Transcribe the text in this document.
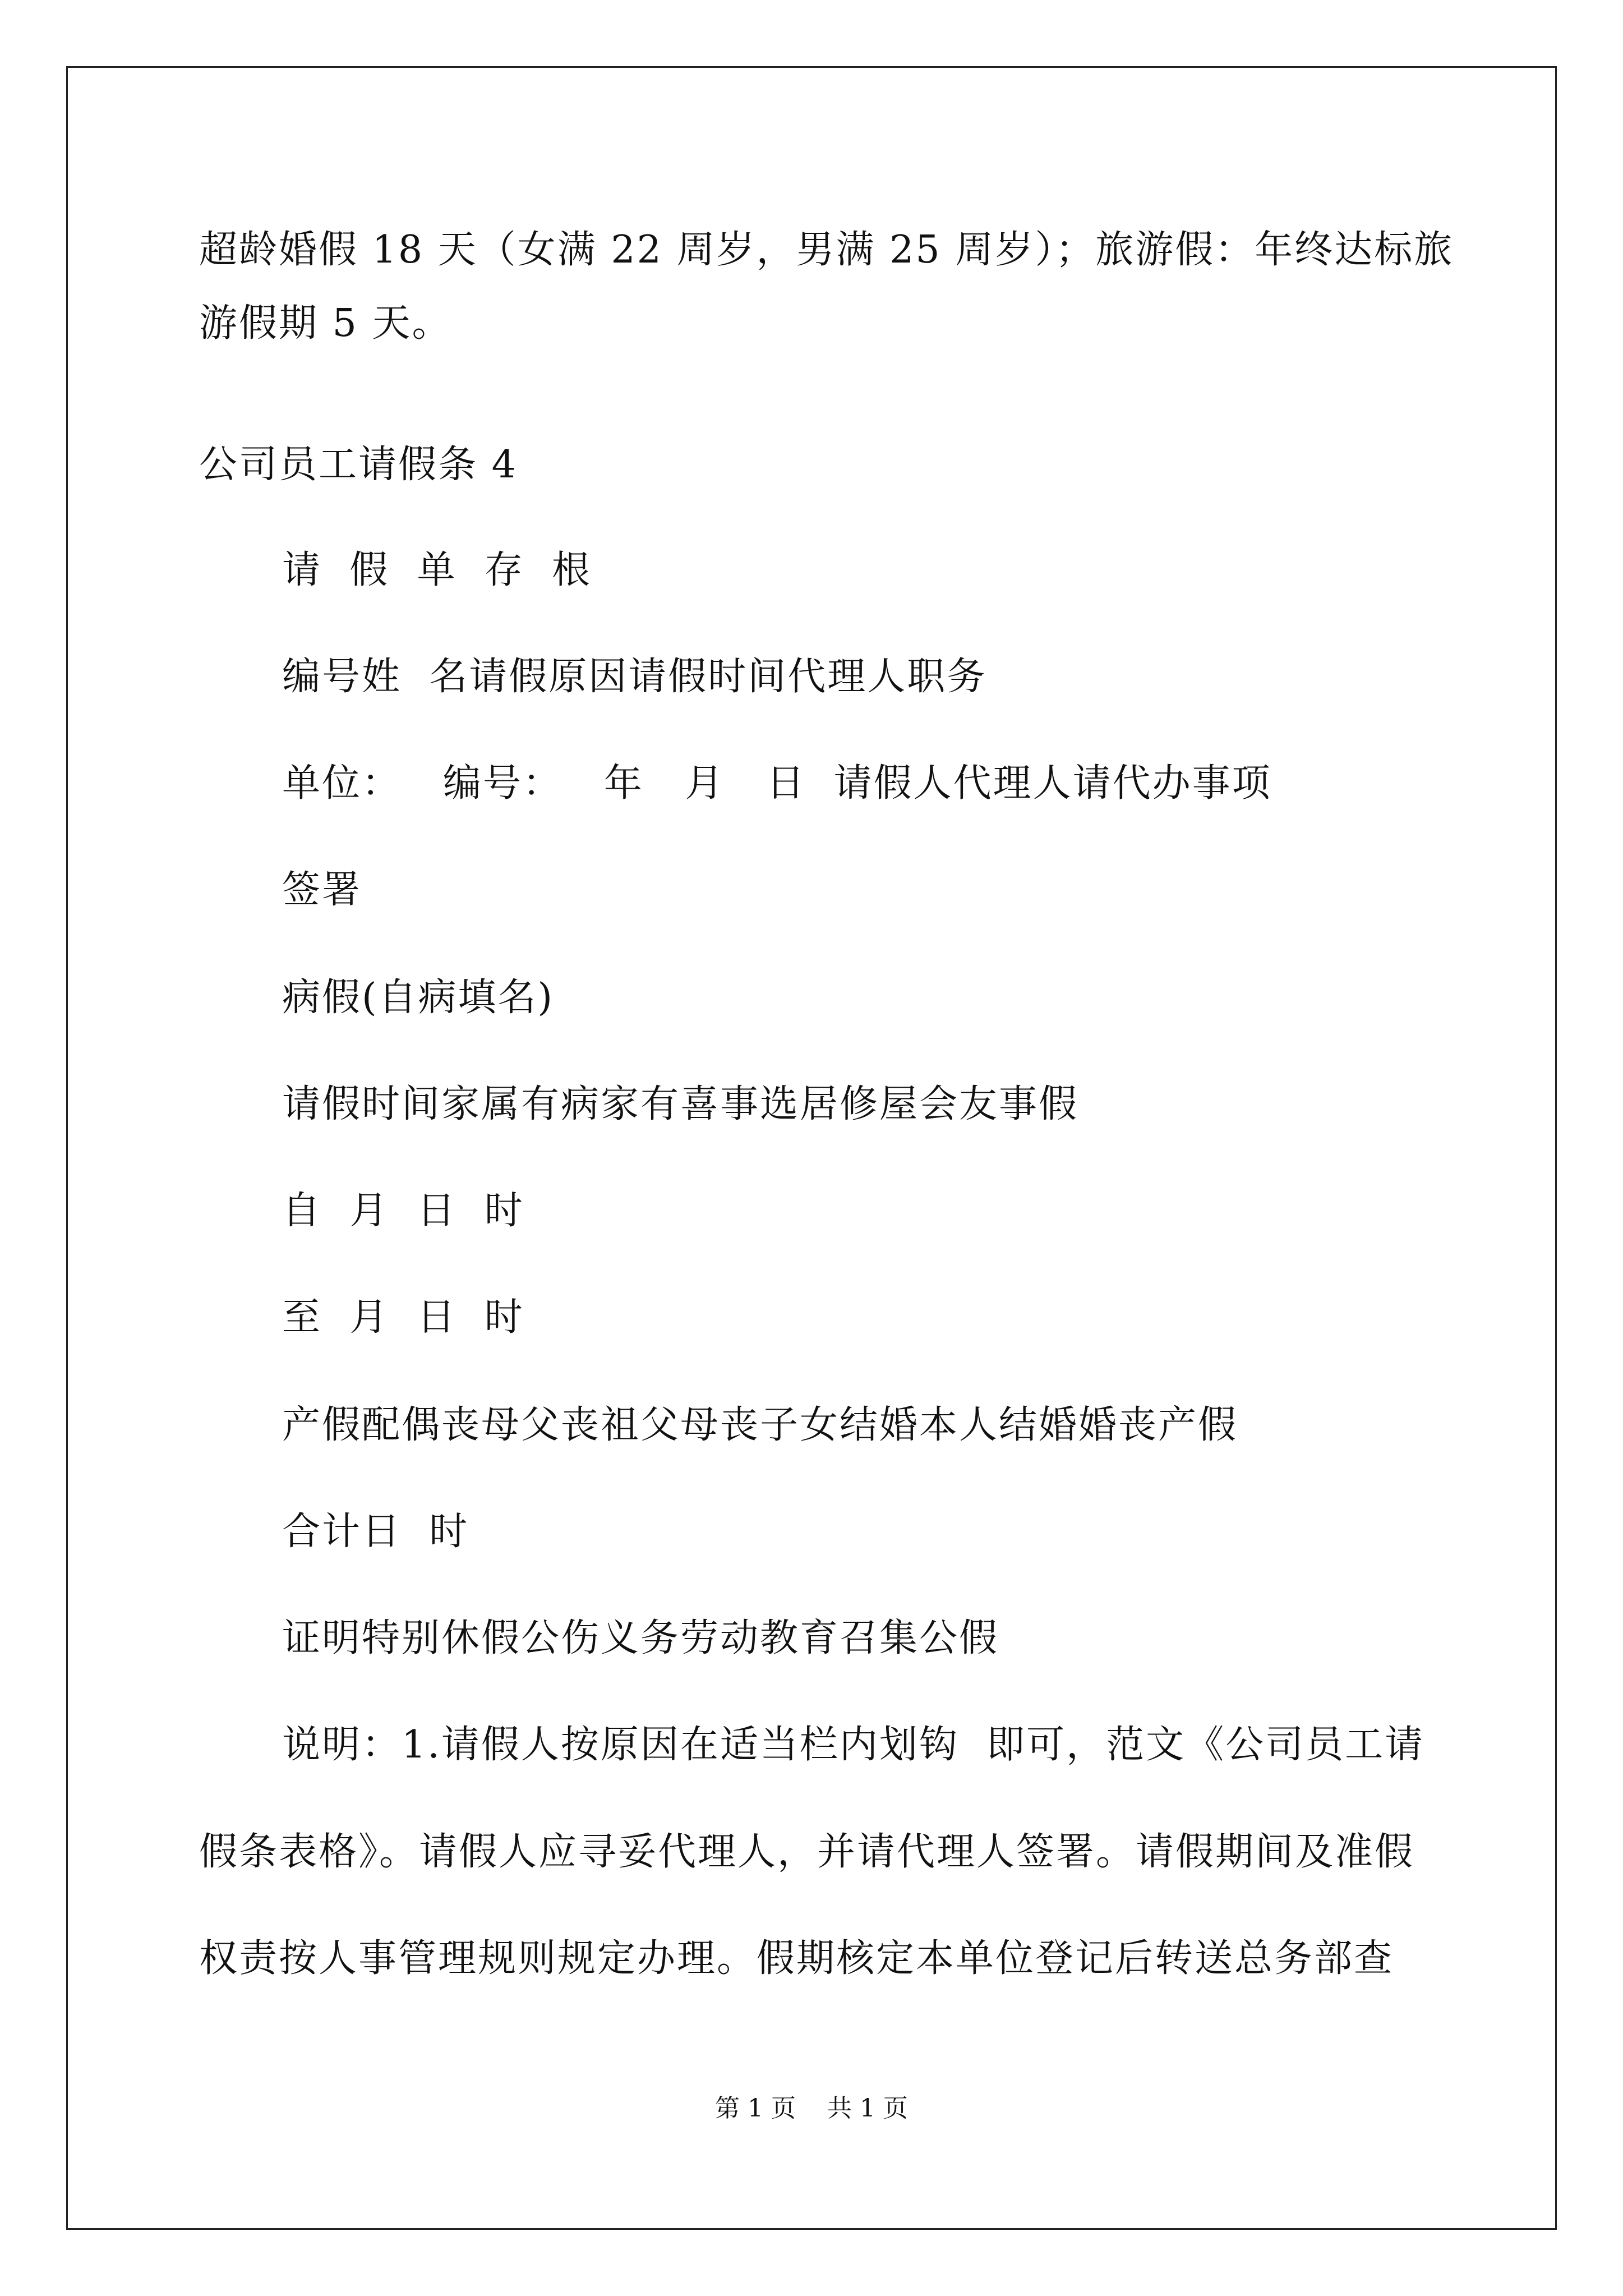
超龄婚假 18 天（女满 22 周岁，男满 25 周岁）；旅游假：年终达标旅
游假期 5 天。
公司员工请假条 4
请  假  单  存  根
编号姓  名请假原因请假时间代理人职务
单位：   编号：   年   月   日  请假人代理人请代办事项
签署
病假(自病填名)
请假时间家属有病家有喜事选居修屋会友事假
自  月  日  时
至  月  日  时
产假配偶丧母父丧祖父母丧子女结婚本人结婚婚丧产假
合计日  时
证明特别休假公伤义务劳动教育召集公假
说明：1.请假人按原因在适当栏内划钩  即可，范文《公司员工请
假条表格》。请假人应寻妥代理人，并请代理人签署。请假期间及准假
权责按人事管理规则规定办理。假期核定本单位登记后转送总务部查
第 1 页    共 1 页
